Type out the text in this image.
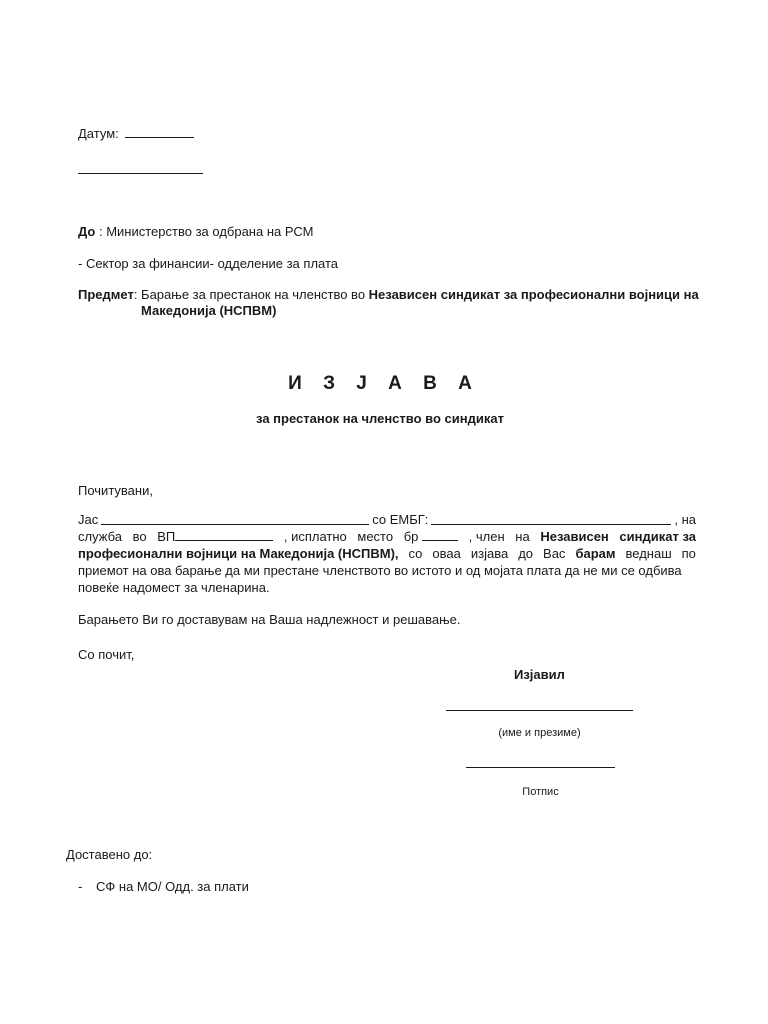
Датум:
До : Министерство за одбрана на РСМ
- Сектор за финансии- одделение за плата
Предмет: Барање за престанок на членство во Независен синдикат за професионални војници на
Македонија (НСПВМ)
И З Ј А В А
за престанок на членство во синдикат
Почитувани,
Јас	со ЕМБГ:	, на
служба во ВП	, исплатно место бр	, член на Независен синдикат за
професионални војници на Македонија (НСПВМ), со оваа изјава до Вас барам веднаш по
приемот на ова барање да ми престане членството во истото и од мојата плата да не ми се одбива
повеќе надомест за членарина.
Барањето Ви го доставувам на Ваша надлежност и решавање.
Со почит,
Изјавил
(име и презиме)
Потпис
Доставено до:
- СФ на МО/ Одд. за плати
